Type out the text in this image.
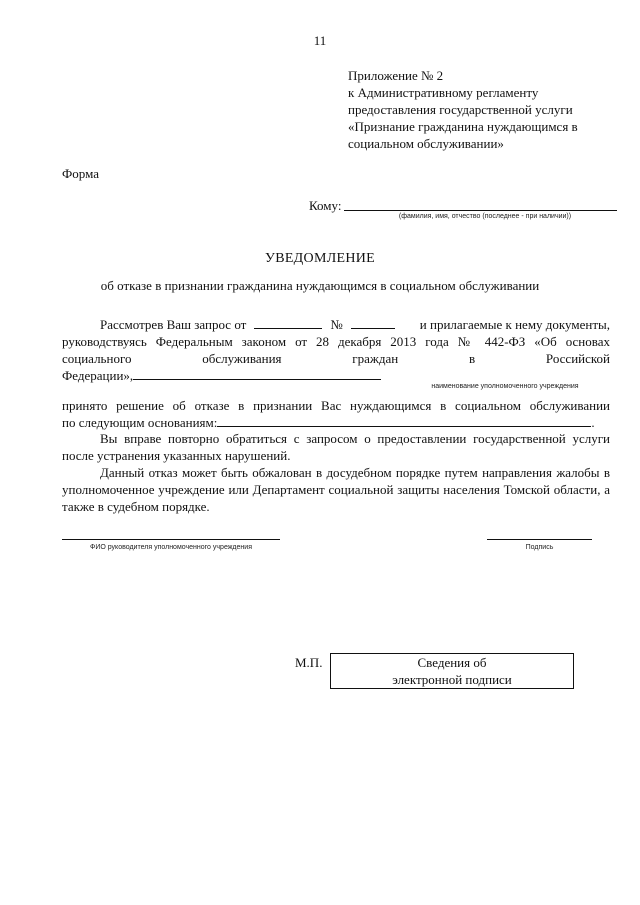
11
Приложение № 2
к Административному регламенту
предоставления государственной услуги
«Признание гражданина нуждающимся в
социальном обслуживании»
Форма
Кому:
(фамилия, имя, отчество (последнее - при наличии))
УВЕДОМЛЕНИЕ
об отказе в признании гражданина нуждающимся в социальном обслуживании
Рассмотрев Ваш запрос от	№	и прилагаемые к нему документы,
руководствуясь Федеральным законом от 28 декабря 2013 года № 442-ФЗ «Об основах
социального обслуживания граждан в Российской
Федерации»,
наименование уполномоченного учреждения
принято решение об отказе в признании Вас нуждающимся в социальном обслуживании
по следующим основаниям:	.
Вы вправе повторно обратиться с запросом о предоставлении государственной услуги после устранения указанных нарушений.
Данный отказ может быть обжалован в досудебном порядке путем направления жалобы в уполномоченное учреждение или Департамент социальной защиты населения Томской области, а также в судебном порядке.
ФИО руководителя уполномоченного учреждения	Подпись
М.П.	Сведения об
электронной подписи
